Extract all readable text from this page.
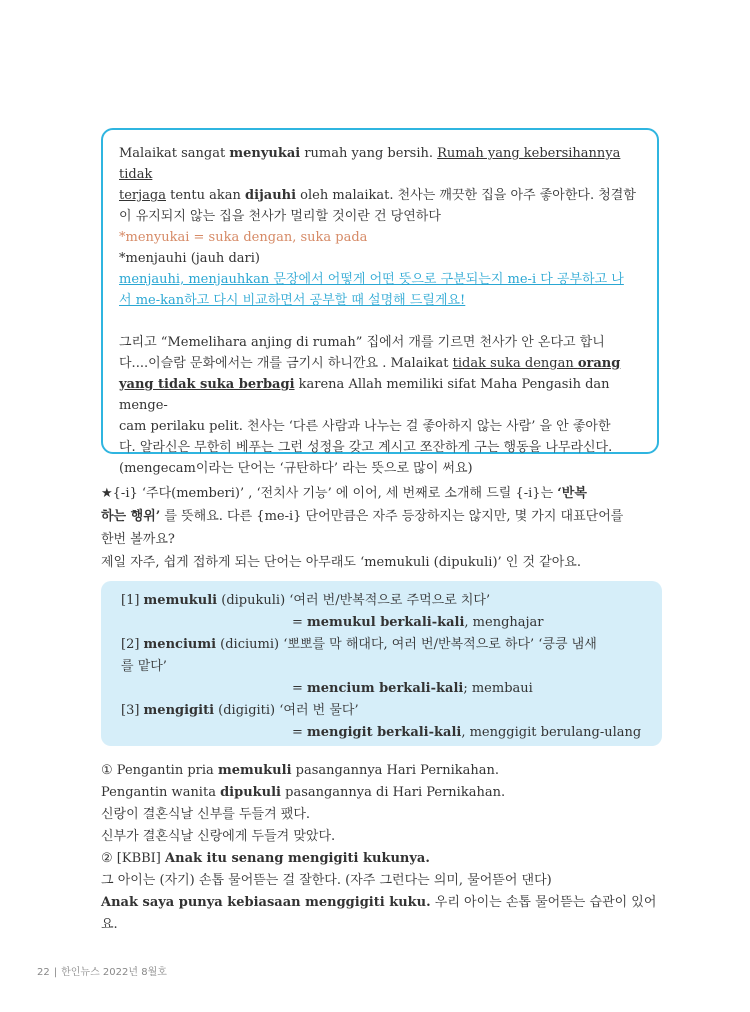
Malaikat sangat menyukai rumah yang bersih. Rumah yang kebersihannya tidak

terjaga tentu akan dijauhi oleh malaikat. 천사는 깨끗한 집을 아주 좋아한다. 청결함

이 유지되지 않는 집을 천사가 멀리할 것이란 건 당연하다

*menyukai = suka dengan, suka pada

*menjauhi (jauh dari)

menjauhi, menjauhkan 문장에서 어떻게 어떤 뜻으로 구분되는지 me-i 다 공부하고 나

서 me-kan하고 다시 비교하면서 공부할 때 설명해 드릴게요!

그리고 “Memelihara anjing di rumah” 집에서 개를 기르면 천사가 안 온다고 합니

다....이슬람 문화에서는 개를 금기시 하니깐요 . Malaikat tidak suka dengan orang

yang tidak suka berbagi karena Allah memiliki sifat Maha Pengasih dan menge-

cam perilaku pelit. 천사는 ‘다른 사람과 나누는 걸 좋아하지 않는 사람’ 을 안 좋아한

다. 알라신은 무한히 베푸는 그런 성정을 갖고 계시고 쪼잔하게 구는 행동을 나무라신다.

(mengecam이라는 단어는 ‘규탄하다’ 라는 뜻으로 많이 써요)

★{-i} ‘주다(memberi)’ , ‘전치사 기능’ 에 이어, 세 번째로 소개해 드릴 {-i}는 ‘반복

하는 행위’ 를 뜻해요. 다른 {me-i} 단어만큼은 자주 등장하지는 않지만, 몇 가지 대표단어를

한번 볼까요?

제일 자주, 쉽게 접하게 되는 단어는 아무래도 ‘memukuli (dipukuli)’ 인 것 같아요.

[1] memukuli (dipukuli) ‘여러 번/반복적으로 주먹으로 치다’

= memukul berkali-kali, menghajar

[2] menciumi (diciumi) ‘뽀뽀를 막 해대다, 여러 번/반복적으로 하다’ ‘킁킁 냄새

를 맡다’

= mencium berkali-kali; membaui

[3] mengigiti (digigiti) ‘여러 번 물다’

= mengigit berkali-kali, menggigit berulang-ulang

① Pengantin pria memukuli pasangannya Hari Pernikahan.

Pengantin wanita dipukuli pasangannya di Hari Pernikahan.

신랑이 결혼식날 신부를 두들겨 팼다.

신부가 결혼식날 신랑에게 두들겨 맞았다.

② [KBBI] Anak itu senang mengigiti kukunya.

그 아이는 (자기) 손톱 물어뜯는 걸 잘한다. (자주 그런다는 의미, 물어뜯어 댄다)

Anak saya punya kebiasaan menggigiti kuku. 우리 아이는 손톱 물어뜯는 습관이 있어요.

22 | 한인뉴스 2022년 8월호
